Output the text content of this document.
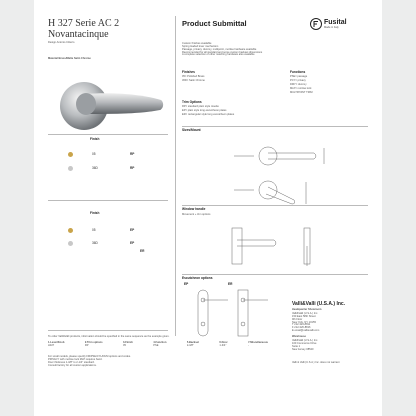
H 327 Serie AC 2
Novantacinque
Design Antonio Citterio
Material Brass/Matte Satin Chrome
Finish
05	RP
36D	RP
Finish
05	EP
36D	EP
ER
Product Submittal	Fusital
Made in Italy
Custom finishes available
Spring loaded lever mechanism
Passage, privacy, dummy, multipoint, mortise hardware available
Recommended for all standard and some custom backset dimensions
A complete selection of other matching hardware also available
Finishes
05= Polished Brass
36D= Satin Chrome
Functions
PSE= passage
PCY= privacy
DMY= dummy
MLP= mortise lock
MULTIPOINT TRIM
Trim Options
RP= standard plain style rosette
EP= plain style long escutcheon plates
ER= rectangular style long escutcheon plates
Sizes/Mount
Window handle
Movement + trim options
Escutcheon options
EP	ER
Valli&Valli (U.S.A.) Inc.
Headquarter Showroom
Valli&Valli (U.S.A.) Inc.
150 East 58th Street
9th Floor
New York, NY 10155
T 212-326-8811
F 212-326-8816
E email@vallievalli.com
Warehouse
Valli&Valli (U.S.A.) Inc.
100 Commerce Drive
Suite 1
New Jersey 08520
To order Valli&Valli products, information should be specified in the same sequence as the example given.
1.Lever/Knob
H327
2.Trim options
RP
3.Finish
05
4.Function
PSE
5.Backset
2-3/8"
6.Door
1-3/4"
7.Miscellaneous
-
For small models, please specify FM/PSE/CYL/DUM options and codes.
PRIVACY with mortise lock MLP requires hand.
Door thickness 1-3/8" to 2-1/4" standard.
Consult factory for all custom applications.
Valli & Valli (U.S.A.) Inc. does not warrant
